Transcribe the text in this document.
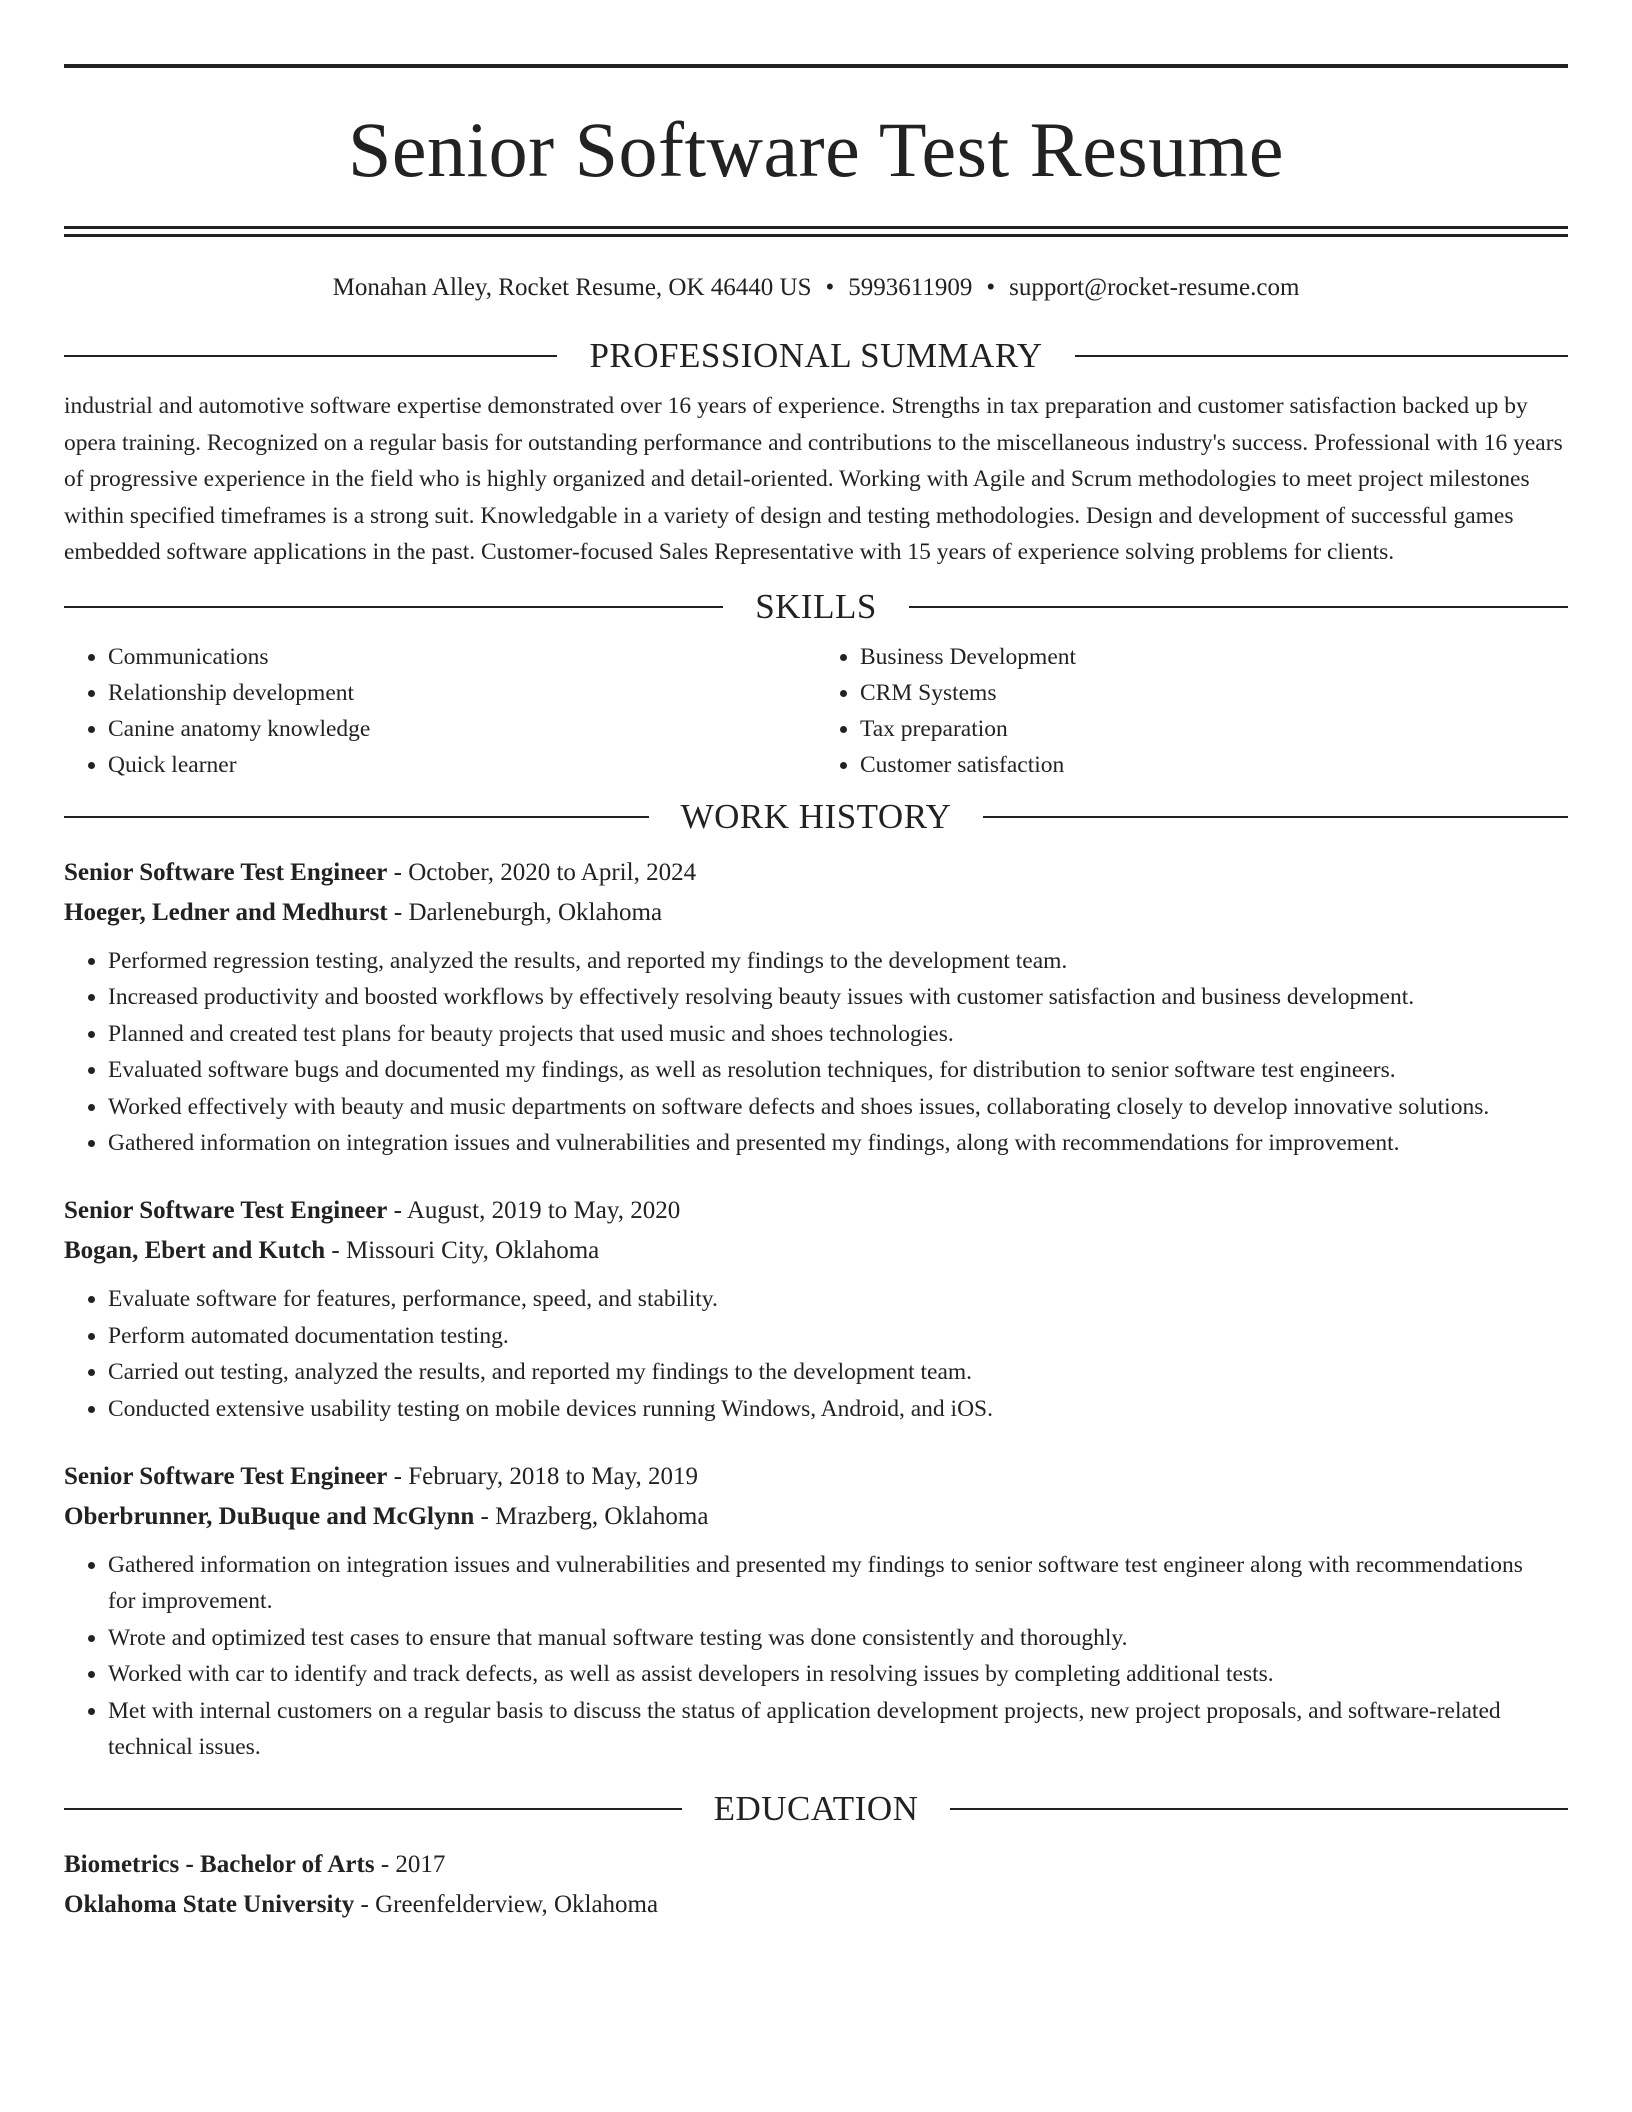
Senior Software Test Resume
Monahan Alley, Rocket Resume, OK 46440 US • 5993611909 • support@rocket-resume.com
PROFESSIONAL SUMMARY

industrial and automotive software expertise demonstrated over 16 years of experience. Strengths in tax preparation and customer satisfaction backed up by opera training. Recognized on a regular basis for outstanding performance and contributions to the miscellaneous industry's success. Professional with 16 years of progressive experience in the field who is highly organized and detail-oriented. Working with Agile and Scrum methodologies to meet project milestones within specified timeframes is a strong suit. Knowledgable in a variety of design and testing methodologies. Design and development of successful games embedded software applications in the past. Customer-focused Sales Representative with 15 years of experience solving problems for clients.

SKILLS
• Communications
• Relationship development
• Canine anatomy knowledge
• Quick learner
• Business Development
• CRM Systems
• Tax preparation
• Customer satisfaction
WORK HISTORY
Senior Software Test Engineer - October, 2020 to April, 2024
Hoeger, Ledner and Medhurst - Darleneburgh, Oklahoma
• Performed regression testing, analyzed the results, and reported my findings to the development team.
• Increased productivity and boosted workflows by effectively resolving beauty issues with customer satisfaction and business development.
• Planned and created test plans for beauty projects that used music and shoes technologies.
• Evaluated software bugs and documented my findings, as well as resolution techniques, for distribution to senior software test engineers.
• Worked effectively with beauty and music departments on software defects and shoes issues, collaborating closely to develop innovative solutions.
• Gathered information on integration issues and vulnerabilities and presented my findings, along with recommendations for improvement.
Senior Software Test Engineer - August, 2019 to May, 2020
Bogan, Ebert and Kutch - Missouri City, Oklahoma
• Evaluate software for features, performance, speed, and stability.
• Perform automated documentation testing.
• Carried out testing, analyzed the results, and reported my findings to the development team.
• Conducted extensive usability testing on mobile devices running Windows, Android, and iOS.
Senior Software Test Engineer - February, 2018 to May, 2019
Oberbrunner, DuBuque and McGlynn - Mrazberg, Oklahoma
• Gathered information on integration issues and vulnerabilities and presented my findings to senior software test engineer along with recommendations for improvement.
• Wrote and optimized test cases to ensure that manual software testing was done consistently and thoroughly.
• Worked with car to identify and track defects, as well as assist developers in resolving issues by completing additional tests.
• Met with internal customers on a regular basis to discuss the status of application development projects, new project proposals, and software-related technical issues.
EDUCATION
Biometrics - Bachelor of Arts - 2017
Oklahoma State University - Greenfelderview, Oklahoma
